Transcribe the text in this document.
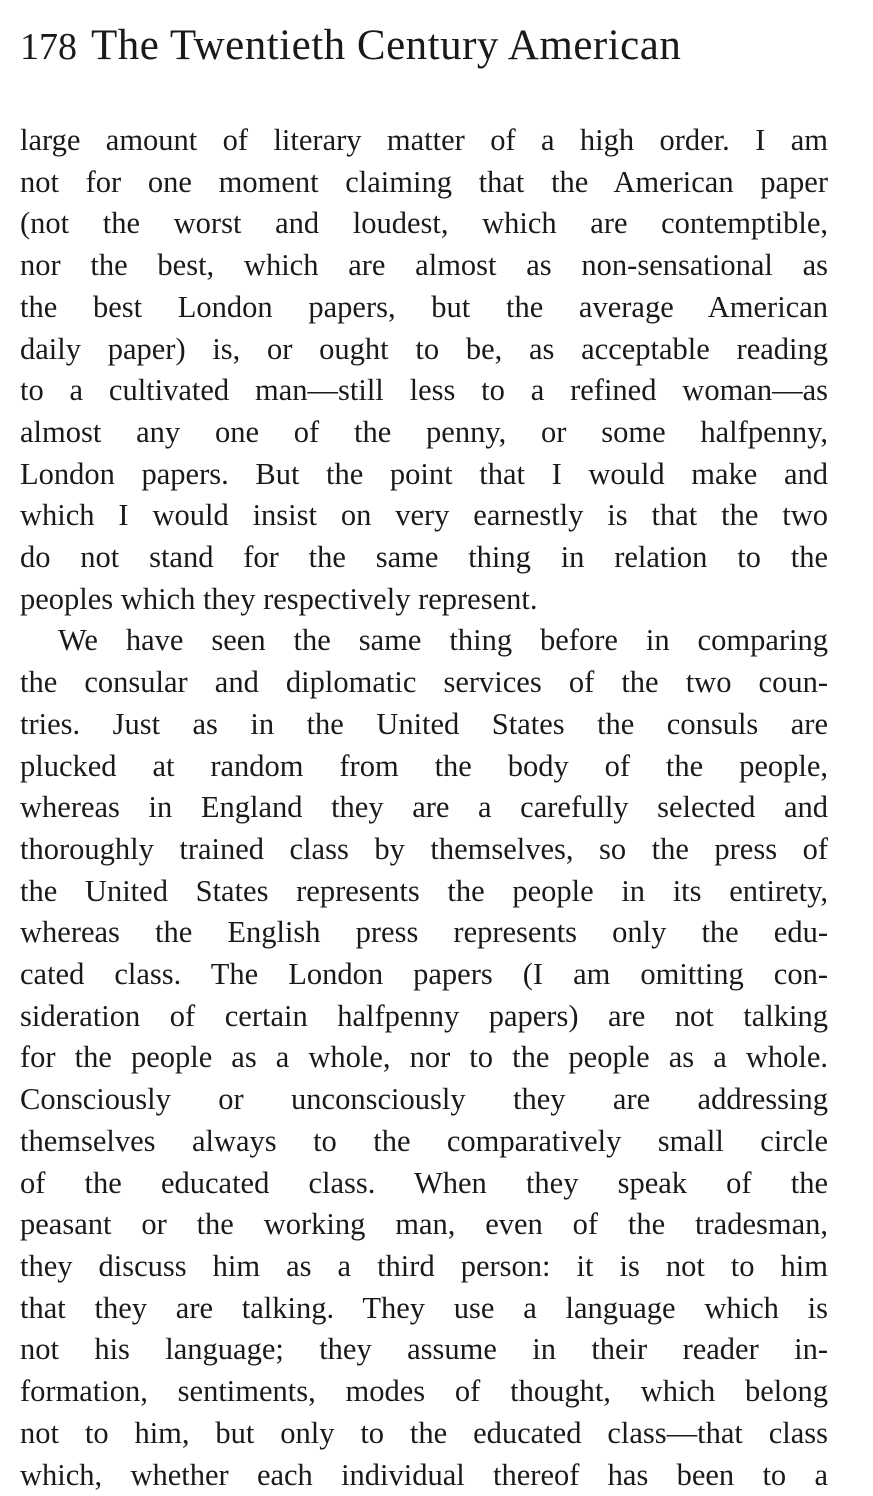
178 The Twentieth Century American
large amount of literary matter of a high order. I am
not for one moment claiming that the American paper
(not the worst and loudest, which are contemptible,
nor the best, which are almost as non-sensational as
the best London papers, but the average American
daily paper) is, or ought to be, as acceptable reading
to a cultivated man—still less to a refined woman—as
almost any one of the penny, or some halfpenny,
London papers. But the point that I would make and
which I would insist on very earnestly is that the two
do not stand for the same thing in relation to the
peoples which they respectively represent.
We have seen the same thing before in comparing
the consular and diplomatic services of the two coun-
tries. Just as in the United States the consuls are
plucked at random from the body of the people,
whereas in England they are a carefully selected and
thoroughly trained class by themselves, so the press of
the United States represents the people in its entirety,
whereas the English press represents only the edu-
cated class. The London papers (I am omitting con-
sideration of certain halfpenny papers) are not talking
for the people as a whole, nor to the people as a whole.
Consciously or unconsciously they are addressing
themselves always to the comparatively small circle
of the educated class. When they speak of the
peasant or the working man, even of the tradesman,
they discuss him as a third person: it is not to him
that they are talking. They use a language which is
not his language; they assume in their reader in-
formation, sentiments, modes of thought, which belong
not to him, but only to the educated class—that class
which, whether each individual thereof has been to a
